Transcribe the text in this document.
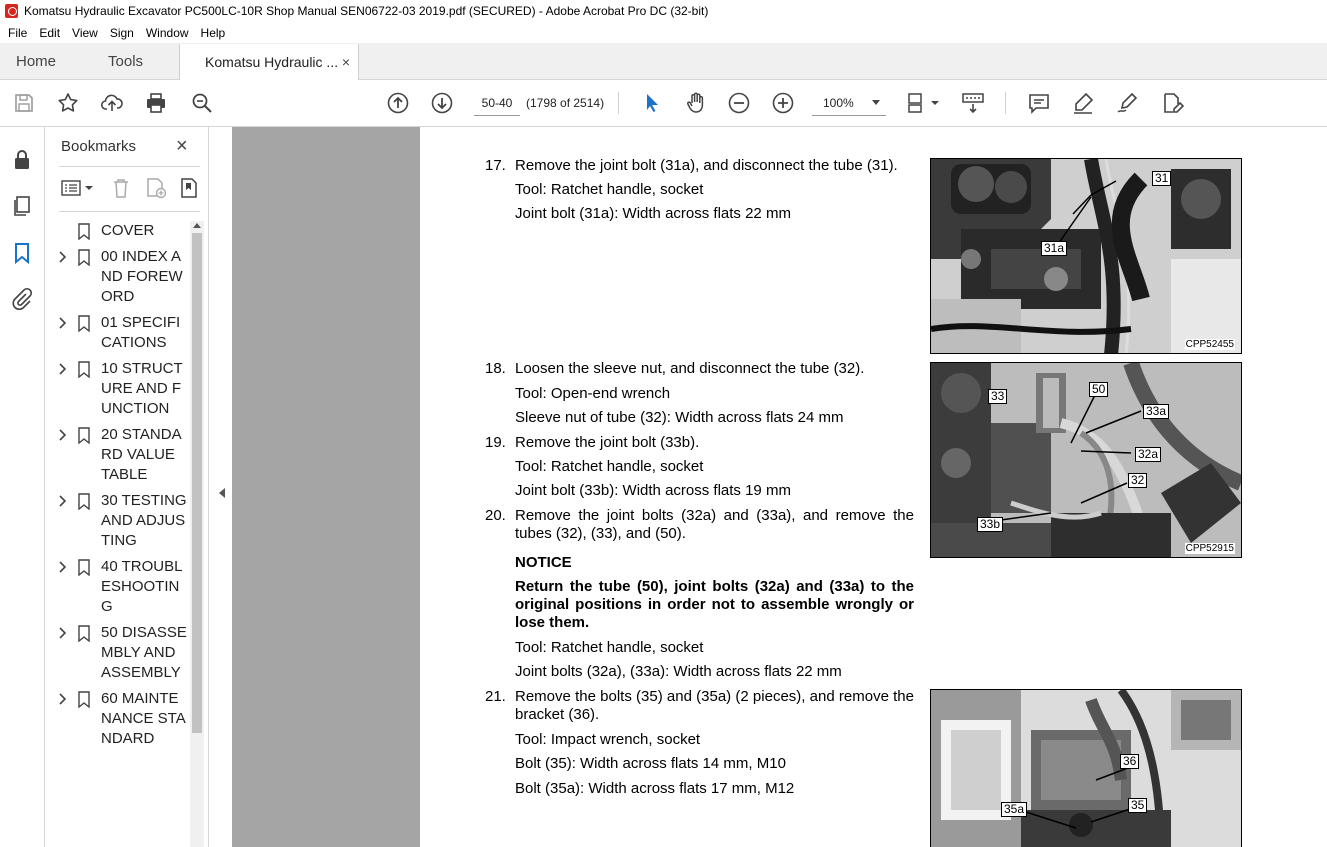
Komatsu Hydraulic Excavator PC500LC-10R Shop Manual SEN06722-03 2019.pdf (SECURED) - Adobe Acrobat Pro DC (32-bit)
File Edit View Sign Window Help
Home	Tools	Komatsu Hydraulic ... ×
50-40	(1798 of 2514)	100%
Bookmarks ×
COVER
00 INDEX AND FOREWORD
01 SPECIFICATIONS
10 STRUCTURE AND FUNCTION
20 STANDARD VALUE TABLE
30 TESTING AND ADJUSTING
40 TROUBLESHOOTING
50 DISASSEMBLY AND ASSEMBLY
60 MAINTENANCE STANDARD
17. Remove the joint bolt (31a), and disconnect the tube (31).
Tool: Ratchet handle, socket
Joint bolt (31a): Width across flats 22 mm
18. Loosen the sleeve nut, and disconnect the tube (32).
Tool: Open-end wrench
Sleeve nut of tube (32): Width across flats 24 mm
19. Remove the joint bolt (33b).
Tool: Ratchet handle, socket
Joint bolt (33b): Width across flats 19 mm
20. Remove the joint bolts (32a) and (33a), and remove the tubes (32), (33), and (50).
NOTICE
Return the tube (50), joint bolts (32a) and (33a) to the original positions in order not to assemble wrongly or lose them.
Tool: Ratchet handle, socket
Joint bolts (32a), (33a): Width across flats 22 mm
21. Remove the bolts (35) and (35a) (2 pieces), and remove the bracket (36).
Tool: Impact wrench, socket
Bolt (35): Width across flats 14 mm, M10
Bolt (35a): Width across flats 17 mm, M12
31
31a
CPP52455
33	50
33a
32a
32
33b
CPP52915
36
35
35a
